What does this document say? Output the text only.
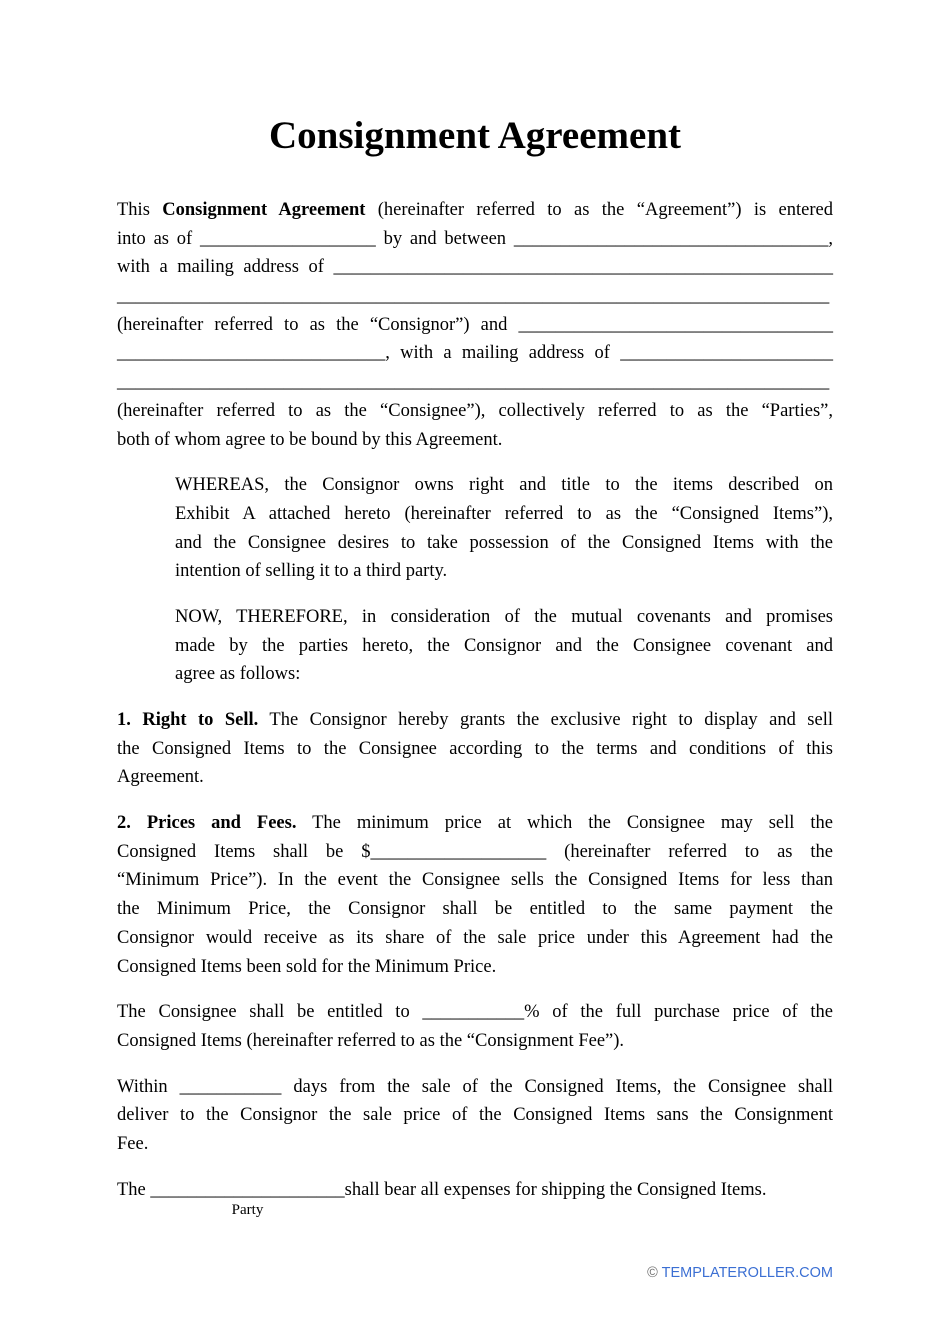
Consignment Agreement
This Consignment Agreement (hereinafter referred to as the “Agreement”) is entered
into as of ___________________ by and between __________________________________,
with a mailing address of ______________________________________________________
_____________________________________________________________________________
(hereinafter referred to as the “Consignor”) and __________________________________
_____________________________, with a mailing address of _______________________
_____________________________________________________________________________
(hereinafter referred to as the “Consignee”), collectively referred to as the “Parties”,
both of whom agree to be bound by this Agreement.
WHEREAS, the Consignor owns right and title to the items described on
Exhibit A attached hereto (hereinafter referred to as the “Consigned Items”),
and the Consignee desires to take possession of the Consigned Items with the
intention of selling it to a third party.
NOW, THEREFORE, in consideration of the mutual covenants and promises
made by the parties hereto, the Consignor and the Consignee covenant and
agree as follows:
1. Right to Sell. The Consignor hereby grants the exclusive right to display and sell
the Consigned Items to the Consignee according to the terms and conditions of this
Agreement.
2. Prices and Fees. The minimum price at which the Consignee may sell the
Consigned Items shall be $___________________ (hereinafter referred to as the
“Minimum Price”). In the event the Consignee sells the Consigned Items for less than
the Minimum Price, the Consignor shall be entitled to the same payment the
Consignor would receive as its share of the sale price under this Agreement had the
Consigned Items been sold for the Minimum Price.
The Consignee shall be entitled to ___________% of the full purchase price of the
Consigned Items (hereinafter referred to as the “Consignment Fee”).
Within ___________ days from the sale of the Consigned Items, the Consignee shall
deliver to the Consignor the sale price of the Consigned Items sans the Consignment
Fee.
The _____________________
Party
shall bear all expenses for shipping the Consigned Items.
© TEMPLATEROLLER.COM
